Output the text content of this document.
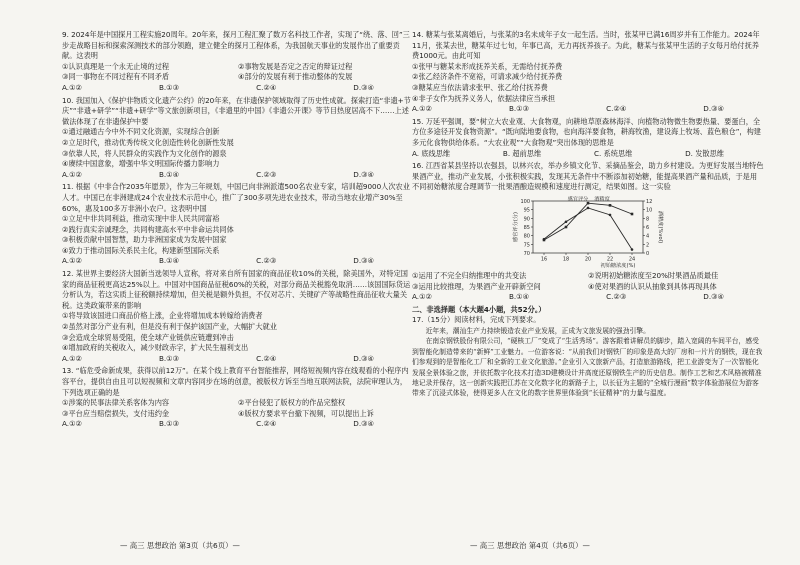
9. 2024年是中国探月工程实施20周年。20年来，探月工程汇聚了数万名科技工作者，实现了“绕、落、回”三步走战略目标和探索深测技术的部分领跑，建立健全的探月工程体系，为我国航天事业的发展作出了重要贡献。这表明
①认识真理是一个永无止境的过程	②事物发展是否定之否定的辩证过程
③同一事物在不同过程有不同矛盾	④部分的发展有利于推动整体的发展
A.①②	B.①③	C.②④	D.③④
10. 我国加入《保护非物质文化遗产公约》的20年来，在非遗保护领域取得了历史性成就。探索打造“非遗+节庆”“非遗+研学”“非遗+研学”等文旅创新项目，《非遗里的中国》《非遗公开课》等节目热度居高不下……上述做法体现了在非遗保护中要
①通过融通古今中外不同文化资源，实现综合创新
②立足时代，推动优秀传统文化创造性转化创新性发展
③依靠人民，将人民群众的实践作为文化创作的源泉
④赓续中国意象，增强中华文明国际传播力影响力
A.①②	B.①④	C.②③	D.③④
11. 根据《中非合作2035年愿景》，作为三年规划，中国已向非洲派遣500名农业专家，培训超9000人次农业人才。中国已在非洲建成24个农业技术示范中心，推广了300多项先进农业技术，带动当地农业增产30%至60%，惠及100多万非洲小农户。这表明中国
①立足中非共同利益，推动实现中非人民共同富裕
②践行真实亲诚理念，共同构建高水平中非命运共同体
③积极贡献中国智慧，助力非洲国家成为发展中国家
④致力于推动国际关系民主化，构建新型国际关系
A.①②	B.①④	C.②③	D.③④
12. 某世界主要经济大国新当选领导人宣称，将对来自所有国家的商品征收10%的关税，除美国外，对特定国家的商品征税更高达25%以上。中国对中国商品征税60%的关税，对部分商品关税豁免取消……该国国际货运分析认为，若这实质上征税额持续增加，但关税是额外负担，不仅对芯片、关键矿产等战略性商品征收大量关税。这类政策带来的影响
①将导致该国进口商品价格上涨，企业将增加成本转嫁给消费者
②虽然对部分产业有利，但是没有利于保护该国产业，大幅扩大就业
③会造成全球贸易受阻，使全球产业链供应链遭到冲击
④增加政府的关税收入，减少财政赤字，扩大民生福利支出
A.①②	B.①③	C.②④	D.③④
13. “临危受命新成果，获得以前12万”。在某个线上教育平台智能推荐，网络短视频内容在线观看的小程序内容平台，提供自由且可以短视频和文章内容同步在场的创意，被版权方诉至当地互联网法院，法院审理认为，下列选项正确的是
①涉案的民事法律关系客体为内容	②平台侵犯了版权方的作品完整权
③平台应当赔偿损失，支付违约金	④版权方要求平台撤下视频，可以提出上诉
A.①②	B.①③	C.②④	D.③④
14. 糖某与张某离婚后，与张某的3名未成年子女一起生活。当时，张某甲已满16周岁并有工作能力。2024年11月，张某去世，糖某年过七旬，年事已高，无力再抚养孩子。为此，糖某与张某甲生活的子女每月给付抚养费1000元。由此可知
①张甲与糖某未形成抚养关系，无需给付抚养费
②张乙经济条件不宽裕，可请求减少给付抚养费
③糖某应当依法请求张甲、张乙给付抚养费
④非子女作为抚养义务人，依据法律应当承担
A.①②	B.①③	C.②④	D.③④
15. 万延平强调，要“树立大农业观、大食物观，向耕地草原森林海洋、向植物动物微生物要热量、要蛋白，全方位多途径开发食物资源”。“既向陆地要食物，也向海洋要食物，耕海牧渔，建设海上牧场、蓝色粮仓”，构建多元化食物供给体系。“大农业观”“大食物观”突出体现的思维是
A. 底线思维	B. 超前思维	C. 系统思维	D. 发散思维
16. 江西省某县坚持以农强县，以林兴农，举办乡镇文化节、采摘品鉴会，助力乡村建设。为更好发展当地特色果酒产业，推动产业发展，小张积极实践，发现其无条件中不断添加初始糖，能提高果酒产量和品质，于是用不同初始糖浓度合理调节一批果酒酿造规模和速度进行测定，结果如图。这一实验
70
75
80
85
90
95
100
0
2
4
6
8
10
12
16	18	20	22	24
初始糖浓度(%)
感官评分(分)	酒精度(%vol)
感官评分 酒精度
①运用了不完全归纳推理中的共变法	②说明初始糖浓度至20%时果酒品质最佳
③运用比较推理，为果酒产业开辟新空间	④使对果酒的认识从抽象到具体再现具体
A.①②	B.①④	C.②③	D.③④
二、非选择题（本大题4小题，共52分。）
17.（15分）阅读材料，完成下列要求。
近年来，潮汕生产力持续锻造农业产业发展，正成为文旅发展的强劲引擎。
在南京钢铁股份有限公司，“硬核工厂”变成了“生活秀场”。游客跟着讲解员的脚步，踏入宽阔的车间平台，感受到智能化制造带来的“新鲜”工业魅力。一位游客说：“从前我们对钢铁厂的印象是高大的厂房和一片片的钢铁，现在我们参观到的是智能化工厂和全新的工业文化旅游。”企业引入文旅新产品，打造旅游路线，把工业游变为了一次智能化发展全景体验之旅，并依托数字化技术打造3D建模设计并高度还原钢铁生产的历史信息。制作工艺和艺术风格被精准地记录并保存，这一创新实践把江苏在文化数字化的新路子上，以长征为主题的“全城行漫画”数字体验游展位为游客带来了沉浸式体验，使得更多人在文化的数字世界里体验到“长征精神”的力量与温度。
— 高三 思想政治 第3页（共6页）—	— 高三 思想政治 第4页（共6页）—
